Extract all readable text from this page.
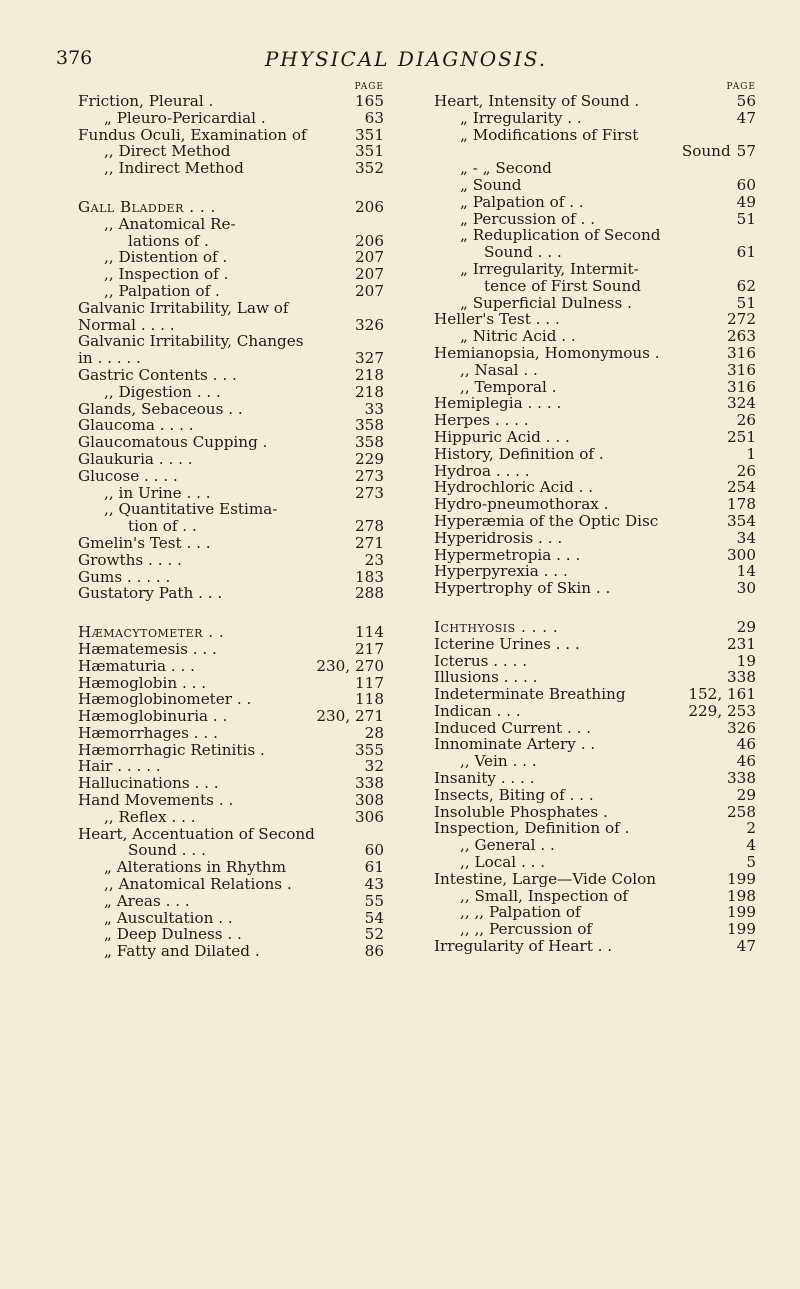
376	PHYSICAL DIAGNOSIS.
PAGE
Friction, Pleural .	165
„ Pleuro-Pericardial .	63
Fundus Oculi, Examination of	351
,, Direct Method	351
,, Indirect Method	352
Gall Bladder . . .	206
,, Anatomical Re-
lations of .	206
,, Distention of .	207
,, Inspection of .	207
,, Palpation of .	207
Galvanic Irritability, Law of
Normal . . . .	326
Galvanic Irritability, Changes
in . . . . .	327
Gastric Contents . . .	218
,, Digestion . . .	218
Glands, Sebaceous . .	33
Glaucoma . . . .	358
Glaucomatous Cupping .	358
Glaukuria . . . .	229
Glucose . . . .	273
,, in Urine . . .	273
,, Quantitative Estima-
tion of . .	278
Gmelin's Test . . .	271
Growths . . . .	23
Gums . . . . .	183
Gustatory Path . . .	288
Hæmacytometer . .	114
Hæmatemesis . . .	217
Hæmaturia . . .	230, 270
Hæmoglobin . . .	117
Hæmoglobinometer . .	118
Hæmoglobinuria . .	230, 271
Hæmorrhages . . .	28
Hæmorrhagic Retinitis .	355
Hair . . . . .	32
Hallucinations . . .	338
Hand Movements . .	308
,, Reflex . . .	306
Heart, Accentuation of Second
Sound . . .	60
„ Alterations in Rhythm	61
,, Anatomical Relations .	43
„ Areas . . .	55
„ Auscultation . .	54
„ Deep Dulness . .	52
„ Fatty and Dilated .	86
PAGE
Heart, Intensity of Sound .	56
„ Irregularity . .	47
„ Modifications of First
Sound 57
„ - „ Second
„ Sound	60
„ Palpation of . .	49
„ Percussion of . .	51
„ Reduplication of Second
Sound . . .	61
„ Irregularity, Intermit-
tence of First Sound	62
„ Superficial Dulness .	51
Heller's Test . . .	272
„ Nitric Acid . .	263
Hemianopsia, Homonymous .	316
,, Nasal . .	316
,, Temporal .	316
Hemiplegia . . . .	324
Herpes . . . .	26
Hippuric Acid . . .	251
History, Definition of .	1
Hydroa . . . .	26
Hydrochloric Acid . .	254
Hydro-pneumothorax .	178
Hyperæmia of the Optic Disc	354
Hyperidrosis . . .	34
Hypermetropia . . .	300
Hyperpyrexia . . .	14
Hypertrophy of Skin . .	30
Ichthyosis . . . .	29
Icterine Urines . . .	231
Icterus . . . .	19
Illusions . . . .	338
Indeterminate Breathing	152, 161
Indican . . .	229, 253
Induced Current . . .	326
Innominate Artery . .	46
,, Vein . . .	46
Insanity . . . .	338
Insects, Biting of . . .	29
Insoluble Phosphates .	258
Inspection, Definition of .	2
,, General . .	4
,, Local . . .	5
Intestine, Large—Vide Colon	199
,, Small, Inspection of	198
,, ,, Palpation of	199
,, ,, Percussion of	199
Irregularity of Heart . .	47
